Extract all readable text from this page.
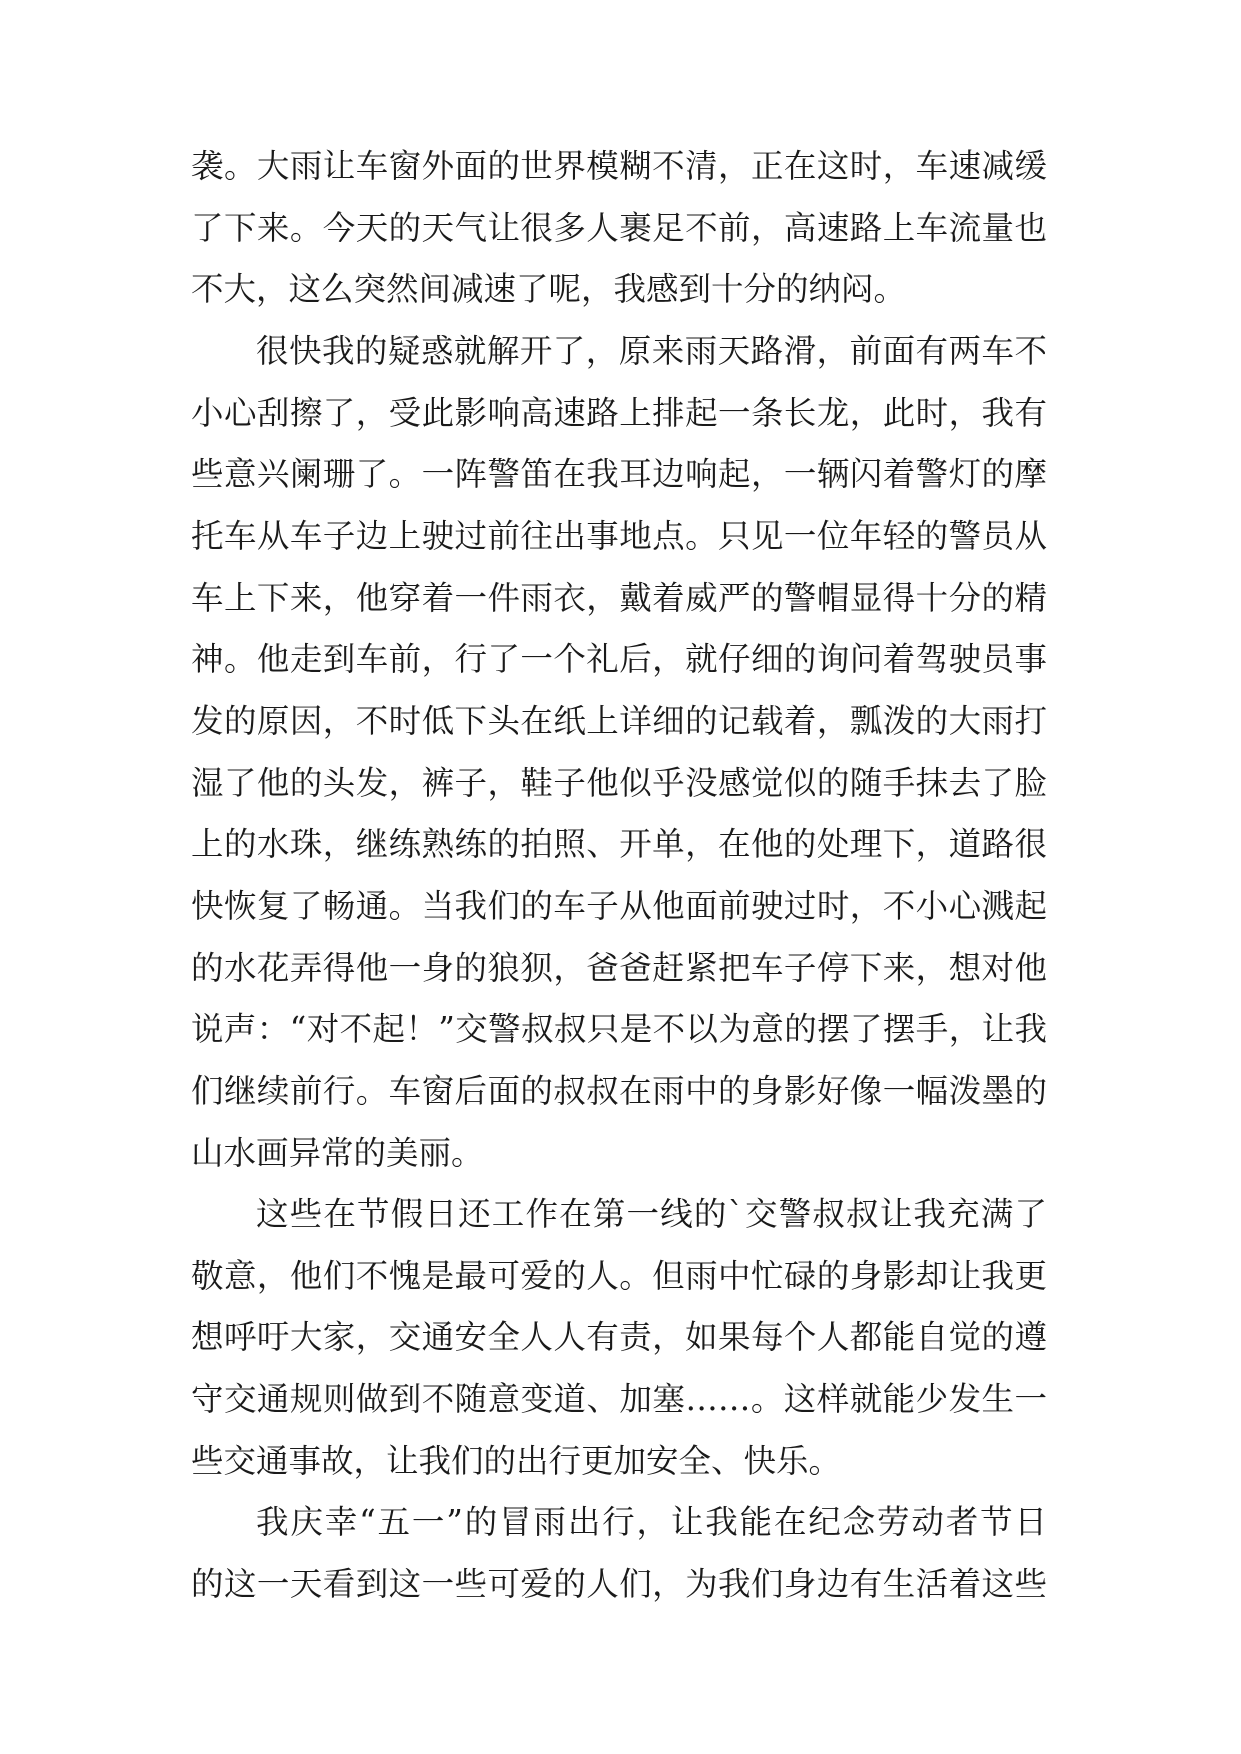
袭。大雨让车窗外面的世界模糊不清，正在这时，车速减缓
了下来。今天的天气让很多人裹足不前，高速路上车流量也
不大，这么突然间减速了呢，我感到十分的纳闷。
很快我的疑惑就解开了，原来雨天路滑，前面有两车不
小心刮擦了，受此影响高速路上排起一条长龙，此时，我有
些意兴阑珊了。一阵警笛在我耳边响起，一辆闪着警灯的摩
托车从车子边上驶过前往出事地点。只见一位年轻的警员从
车上下来，他穿着一件雨衣，戴着威严的警帽显得十分的精
神。他走到车前，行了一个礼后，就仔细的询问着驾驶员事
发的原因，不时低下头在纸上详细的记载着，瓢泼的大雨打
湿了他的头发，裤子，鞋子他似乎没感觉似的随手抹去了脸
上的水珠，继练熟练的拍照、开单，在他的处理下，道路很
快恢复了畅通。当我们的车子从他面前驶过时，不小心溅起
的水花弄得他一身的狼狈，爸爸赶紧把车子停下来，想对他
说声：“对不起！”交警叔叔只是不以为意的摆了摆手，让我
们继续前行。车窗后面的叔叔在雨中的身影好像一幅泼墨的
山水画异常的美丽。
这些在节假日还工作在第一线的`交警叔叔让我充满了
敬意，他们不愧是最可爱的人。但雨中忙碌的身影却让我更
想呼吁大家，交通安全人人有责，如果每个人都能自觉的遵
守交通规则做到不随意变道、加塞……。这样就能少发生一
些交通事故，让我们的出行更加安全、快乐。
我庆幸“五一”的冒雨出行，让我能在纪念劳动者节日
的这一天看到这一些可爱的人们，为我们身边有生活着这些
